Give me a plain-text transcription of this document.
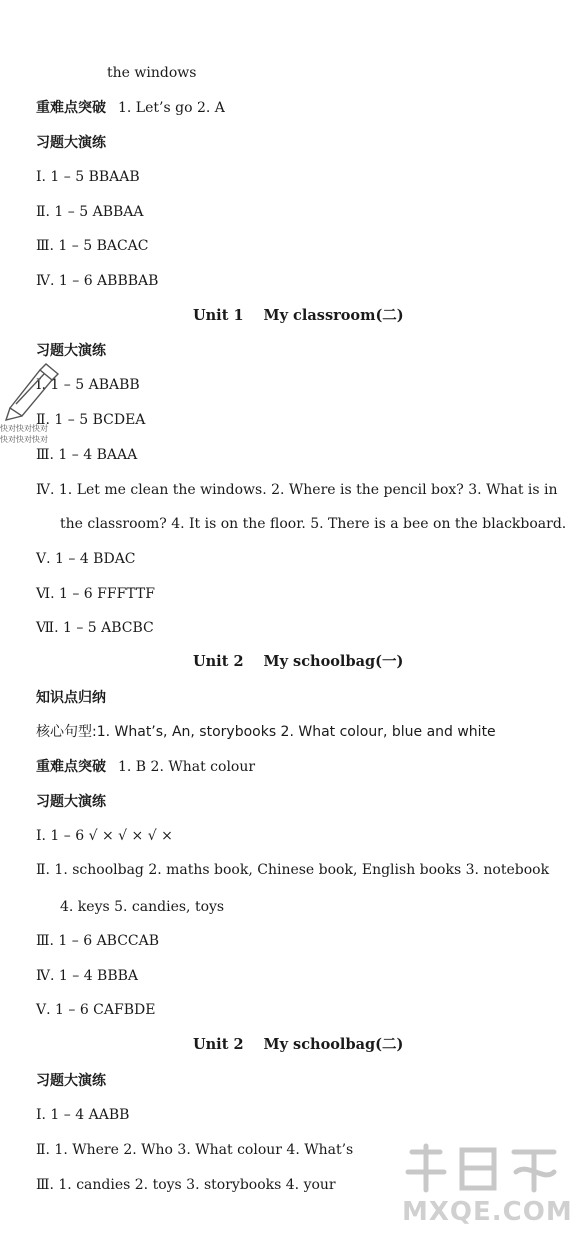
the windows
重难点突破 1. Let’s go 2. A
习题大演练
Ⅰ. 1 – 5 BBAAB
Ⅱ. 1 – 5 ABBAA
Ⅲ. 1 – 5 BACAC
Ⅳ. 1 – 6 ABBBAB
Unit 1 My classroom(二)
习题大演练
Ⅰ. 1 – 5 ABABB
Ⅱ. 1 – 5 BCDEA
Ⅲ. 1 – 4 BAAA
Ⅳ. 1. Let me clean the windows. 2. Where is the pencil box? 3. What is in
the classroom? 4. It is on the floor. 5. There is a bee on the blackboard.
Ⅴ. 1 – 4 BDAC
Ⅵ. 1 – 6 FFFTTF
Ⅶ. 1 – 5 ABCBC
Unit 2 My schoolbag(一)
知识点归纳
核心句型:1. What’s, An, storybooks 2. What colour, blue and white
重难点突破 1. B 2. What colour
习题大演练
Ⅰ. 1 – 6 √ × √ × √ ×
Ⅱ. 1. schoolbag 2. maths book, Chinese book, English books 3. notebook
4. keys 5. candies, toys
Ⅲ. 1 – 6 ABCCAB
Ⅳ. 1 – 4 BBBA
Ⅴ. 1 – 6 CAFBDE
Unit 2 My schoolbag(二)
习题大演练
Ⅰ. 1 – 4 AABB
Ⅱ. 1. Where 2. Who 3. What colour 4. What’s
Ⅲ. 1. candies 2. toys 3. storybooks 4. your
快对快对快对
快对快对快对
MXQE.COM
